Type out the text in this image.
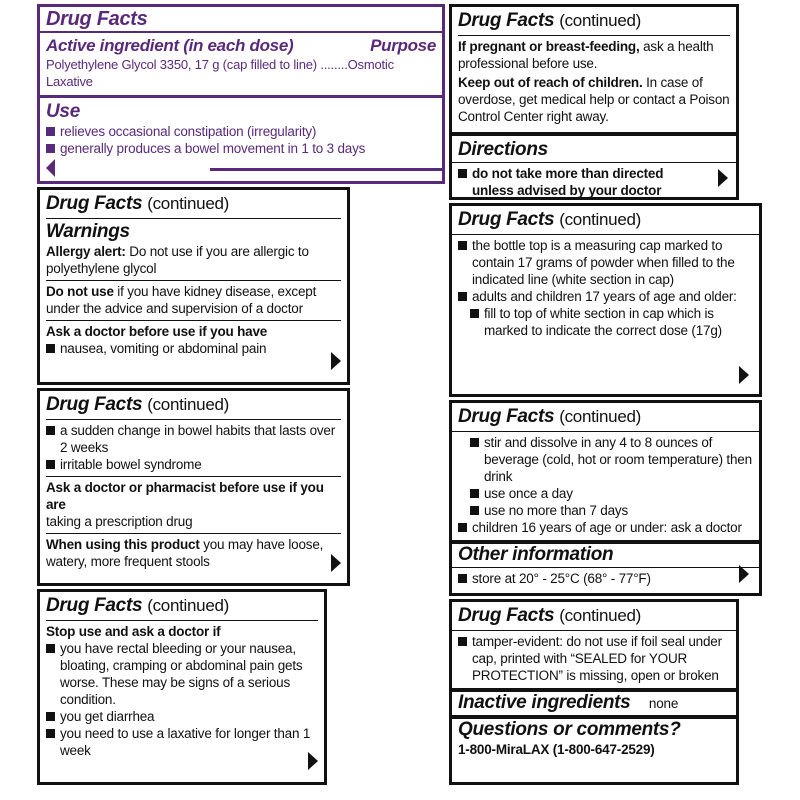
Drug Facts
Active ingredient (in each dose)	Purpose
Polyethylene Glycol 3350, 17 g (cap filled to line) ........Osmotic Laxative
Use
relieves occasional constipation (irregularity)
generally produces a bowel movement in 1 to 3 days
Drug Facts (continued)
Warnings
Allergy alert: Do not use if you are allergic to polyethylene glycol
Do not use if you have kidney disease, except under the advice and supervision of a doctor
Ask a doctor before use if you have
nausea, vomiting or abdominal pain
Drug Facts (continued)
a sudden change in bowel habits that lasts over 2 weeks
irritable bowel syndrome
Ask a doctor or pharmacist before use if you are
taking a prescription drug
When using this product you may have loose, watery, more frequent stools
Drug Facts (continued)
Stop use and ask a doctor if
you have rectal bleeding or your nausea, bloating, cramping or abdominal pain gets worse. These may be signs of a serious condition.
you get diarrhea
you need to use a laxative for longer than 1 week
Drug Facts (continued)
If pregnant or breast-feeding, ask a health professional before use.
Keep out of reach of children. In case of overdose, get medical help or contact a Poison Control Center right away.
Directions
do not take more than directed unless advised by your doctor
Drug Facts (continued)
the bottle top is a measuring cap marked to contain 17 grams of powder when filled to the indicated line (white section in cap)
adults and children 17 years of age and older:
fill to top of white section in cap which is marked to indicate the correct dose (17g)
Drug Facts (continued)
stir and dissolve in any 4 to 8 ounces of beverage (cold, hot or room temperature) then drink
use once a day
use no more than 7 days
children 16 years of age or under: ask a doctor
Other information
store at 20° - 25°C (68° - 77°F)
Drug Facts (continued)
tamper-evident: do not use if foil seal under cap, printed with “SEALED for YOUR PROTECTION” is missing, open or broken
Inactive ingredients none
Questions or comments?
1-800-MiraLAX (1-800-647-2529)
